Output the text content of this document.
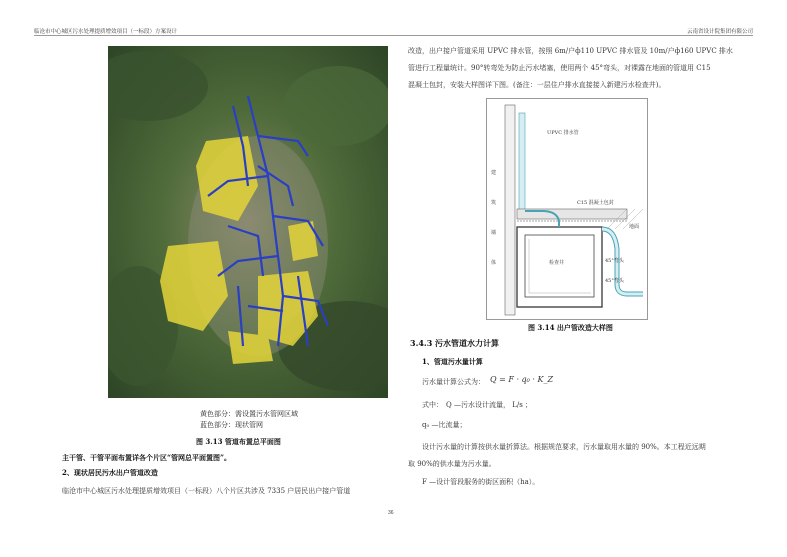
临沧市中心城区污水处理提质增效项目（一标段）方案设计	云南省设计院集团有限公司
黄色部分：需设置污水管网区域
蓝色部分：现状管网
图 3.13 管道布置总平面图
主干管、干管平面布置详各个片区“管网总平面置图”。
2、现状居民污水出户管道改造
临沧市中心城区污水处理提质增效项目（一标段）八个片区共涉及 7335 户居民出户接户管道
改造，出户接户管道采用 UPVC 排水管，按照 6m/户ф110 UPVC 排水管及 10m/户ф160 UPVC 排水
管进行工程量统计。90°转弯处为防止污水堵塞，使用两个 45°弯头，对裸露在地面的管道用 C15
混凝土包封，安装大样图详下图。(备注：一层住户排水直接接入新建污水检查井)。
UPVC 排水管
C15 混凝土包封
地面
检查井	45°弯头
45°弯头
建
筑
墙
体
图 3.14 出户管改造大样图
3.4.3 污水管道水力计算
1、管道污水量计算
污水量计算公式为： Q = F · q₀ · K_Z
式中： Q —污水设计流量， L/s ；
q₀ —比流量；
设计污水量的计算按供水量折算法。根据规范要求，污水量取用水量的 90%。本工程近远期
取 90%的供水量为污水量。
F —设计管段服务的街区面积（ha）。
36
